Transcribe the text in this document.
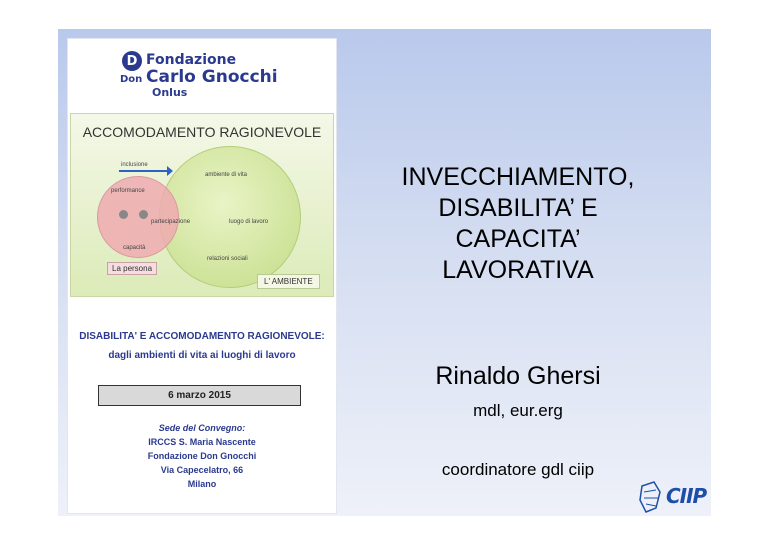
D Fondazione
Don Carlo Gnocchi
Onlus
ACCOMODAMENTO RAGIONEVOLE
inclusione
performance
partecipazione
capacità
ambiente di vita
luogo di lavoro
relazioni sociali
La persona
L' AMBIENTE
DISABILITA' E ACCOMODAMENTO RAGIONEVOLE:
dagli ambienti di vita ai luoghi di lavoro
6 marzo 2015
Sede del Convegno:
IRCCS S. Maria Nascente
Fondazione Don Gnocchi
Via Capecelatro, 66
Milano
INVECCHIAMENTO,
DISABILITA’ E
CAPACITA’
LAVORATIVA
Rinaldo Ghersi
mdl, eur.erg
coordinatore gdl ciip
CIIP
